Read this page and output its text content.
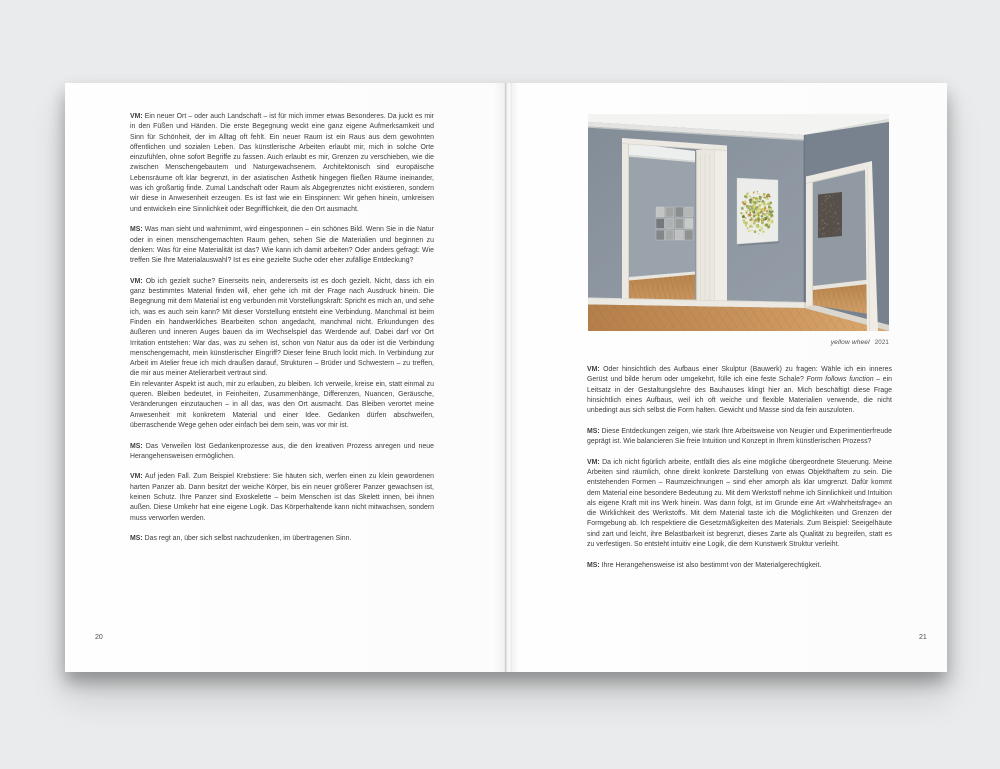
VM: Ein neuer Ort – oder auch Landschaft – ist für mich immer etwas Besonderes. Da juckt es mir in den Füßen und Händen. Die erste Begegnung weckt eine ganz eigene Aufmerksamkeit und Sinn für Schönheit, der im Alltag oft fehlt. Ein neuer Raum ist ein Raus aus dem gewohnten öffentlichen und sozialen Leben. Das künstlerische Arbeiten erlaubt mir, mich in solche Orte einzufühlen, ohne sofort Begriffe zu fassen. Auch erlaubt es mir, Grenzen zu verschieben, wie die zwischen Menschengebautem und Naturgewachsenem. Architektonisch sind europäische Lebensräume oft klar begrenzt, in der asiatischen Ästhetik hingegen fließen Räume ineinander, was ich großartig finde. Zumal Landschaft oder Raum als Abgegrenztes nicht existieren, sondern wir diese in Anwesenheit erzeugen. Es ist fast wie ein Einspinnen: Wir gehen hinein, umkreisen und entwickeln eine Sinnlichkeit oder Begrifflichkeit, die den Ort ausmacht.

MS: Was man sieht und wahrnimmt, wird eingesponnen – ein schönes Bild. Wenn Sie in die Natur oder in einen menschengemachten Raum gehen, sehen Sie die Materialien und beginnen zu denken: Was für eine Materialität ist das? Wie kann ich damit arbeiten? Oder anders gefragt: Wie treffen Sie Ihre Materialauswahl? Ist es eine gezielte Suche oder eher zufällige Entdeckung?

VM: Ob ich gezielt suche? Einerseits nein, andererseits ist es doch gezielt. Nicht, dass ich ein ganz bestimmtes Material finden will, eher gehe ich mit der Frage nach Ausdruck hinein. Die Begegnung mit dem Material ist eng verbunden mit Vorstellungskraft: Spricht es mich an, und sehe ich, was es auch sein kann? Mit dieser Vorstellung entsteht eine Verbindung. Manchmal ist beim Finden ein handwerkliches Bearbeiten schon angedacht, manchmal nicht. Erkundungen des äußeren und inneren Auges bauen da im Wechselspiel das Werdende auf. Dabei darf vor Ort Irritation entstehen: War das, was zu sehen ist, schon von Natur aus da oder ist die Verbindung menschengemacht, mein künstlerischer Eingriff? Dieser feine Bruch lockt mich. In Verbindung zur Arbeit im Atelier freue ich mich draußen darauf, Strukturen – Brüder und Schwestern – zu treffen, die mir aus meiner Atelierarbeit vertraut sind.
Ein relevanter Aspekt ist auch, mir zu erlauben, zu bleiben. Ich verweile, kreise ein, statt einmal zu queren. Bleiben bedeutet, in Feinheiten, Zusammenhänge, Differenzen, Nuancen, Geräusche, Veränderungen einzutauchen – in all das, was den Ort ausmacht. Das Bleiben verortet meine Anwesenheit mit konkretem Material und einer Idee. Gedanken dürfen abschweifen, überraschende Wege gehen oder einfach bei dem sein, was vor mir ist.

MS: Das Verweilen löst Gedankenprozesse aus, die den kreativen Prozess anregen und neue Herangehensweisen ermöglichen.

VM: Auf jeden Fall. Zum Beispiel Krebstiere: Sie häuten sich, werfen einen zu klein gewordenen harten Panzer ab. Dann besitzt der weiche Körper, bis ein neuer größerer Panzer gewachsen ist, keinen Schutz. Ihre Panzer sind Exoskelette – beim Menschen ist das Skelett innen, bei ihnen außen. Diese Umkehr hat eine eigene Logik. Das Körperhaltende kann nicht mitwachsen, sondern muss verworfen werden.

MS: Das regt an, über sich selbst nachzudenken, im übertragenen Sinn.

20
yellow wheel 2021

VM: Oder hinsichtlich des Aufbaus einer Skulptur (Bauwerk) zu fragen: Wähle ich ein inneres Gerüst und bilde herum oder umgekehrt, fülle ich eine feste Schale? Form follows function – ein Leitsatz in der Gestaltungslehre des Bauhauses klingt hier an. Mich beschäftigt diese Frage hinsichtlich eines Aufbaus, weil ich oft weiche und flexible Materialien verwende, die nicht unbedingt aus sich selbst die Form halten. Gewicht und Masse sind da fein auszuloten.

MS: Diese Entdeckungen zeigen, wie stark Ihre Arbeitsweise von Neugier und Experimentierfreude geprägt ist. Wie balancieren Sie freie Intuition und Konzept in Ihrem künstlerischen Prozess?

VM: Da ich nicht figürlich arbeite, entfällt dies als eine mögliche übergeordnete Steuerung. Meine Arbeiten sind räumlich, ohne direkt konkrete Darstellung von etwas Objekthaftem zu sein. Die entstehenden Formen – Raumzeichnungen – sind eher amorph als klar umgrenzt. Dafür kommt dem Material eine besondere Bedeutung zu. Mit dem Werkstoff nehme ich Sinnlichkeit und Intuition als eigene Kraft mit ins Werk hinein. Was dann folgt, ist im Grunde eine Art »Wahrheitsfrage« an die Wirklichkeit des Werkstoffs. Mit dem Material taste ich die Möglichkeiten und Grenzen der Formgebung ab. Ich respektiere die Gesetzmäßigkeiten des Materials. Zum Beispiel: Seeigelhäute sind zart und leicht, ihre Belastbarkeit ist begrenzt, dieses Zarte als Qualität zu begreifen, statt es zu verfestigen. So entsteht intuitiv eine Logik, die dem Kunstwerk Struktur verleiht.

MS: Ihre Herangehensweise ist also bestimmt von der Materialgerechtigkeit.

21
